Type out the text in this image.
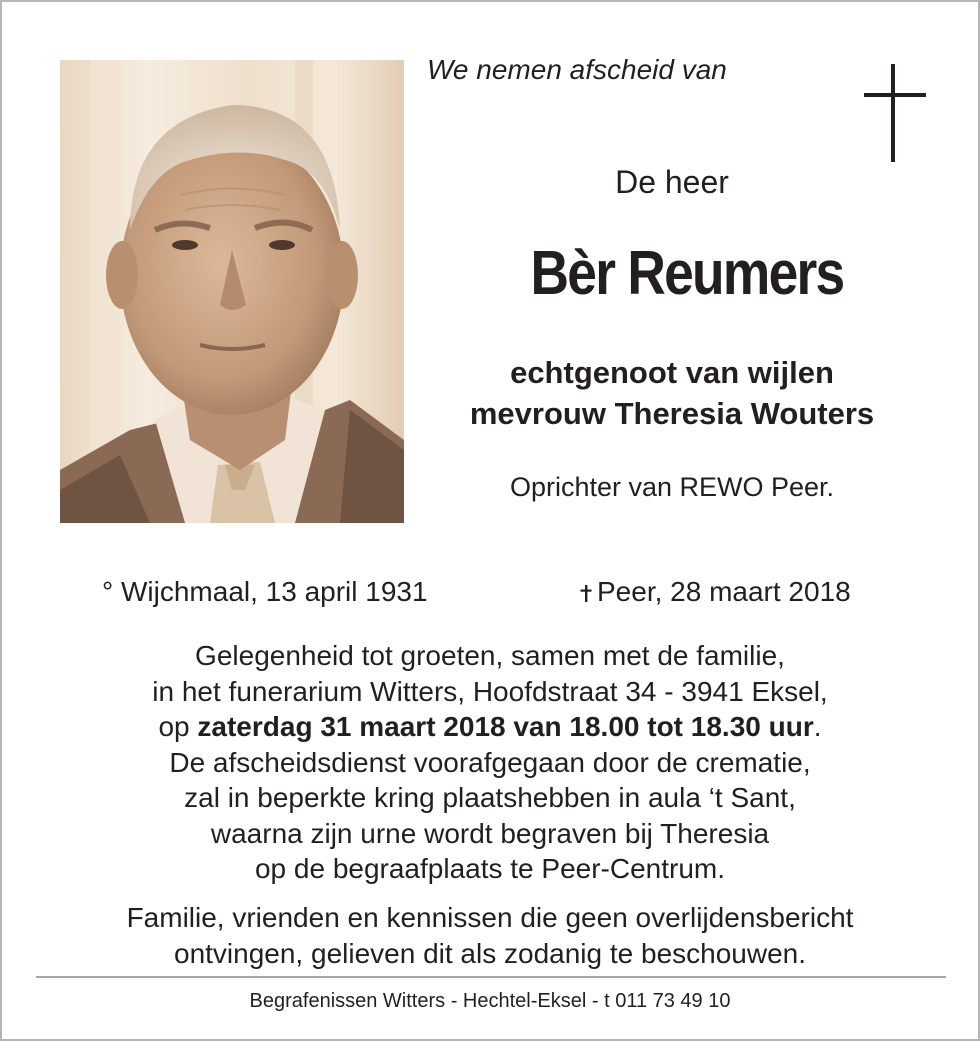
We nemen afscheid van

De heer

Bèr Reumers

echtgenoot van wijlen
mevrouw Theresia Wouters

Oprichter van REWO Peer.

° Wijchmaal, 13 april 1931	Peer, 28 maart 2018

Gelegenheid tot groeten, samen met de familie,
in het funerarium Witters, Hoofdstraat 34 - 3941 Eksel,
op zaterdag 31 maart 2018 van 18.00 tot 18.30 uur.
De afscheidsdienst voorafgegaan door de crematie,
zal in beperkte kring plaatshebben in aula ‘t Sant,
waarna zijn urne wordt begraven bij Theresia
op de begraafplaats te Peer-Centrum.
Familie, vrienden en kennissen die geen overlijdensbericht
ontvingen, gelieven dit als zodanig te beschouwen.

Begrafenissen Witters - Hechtel-Eksel - t 011 73 49 10
